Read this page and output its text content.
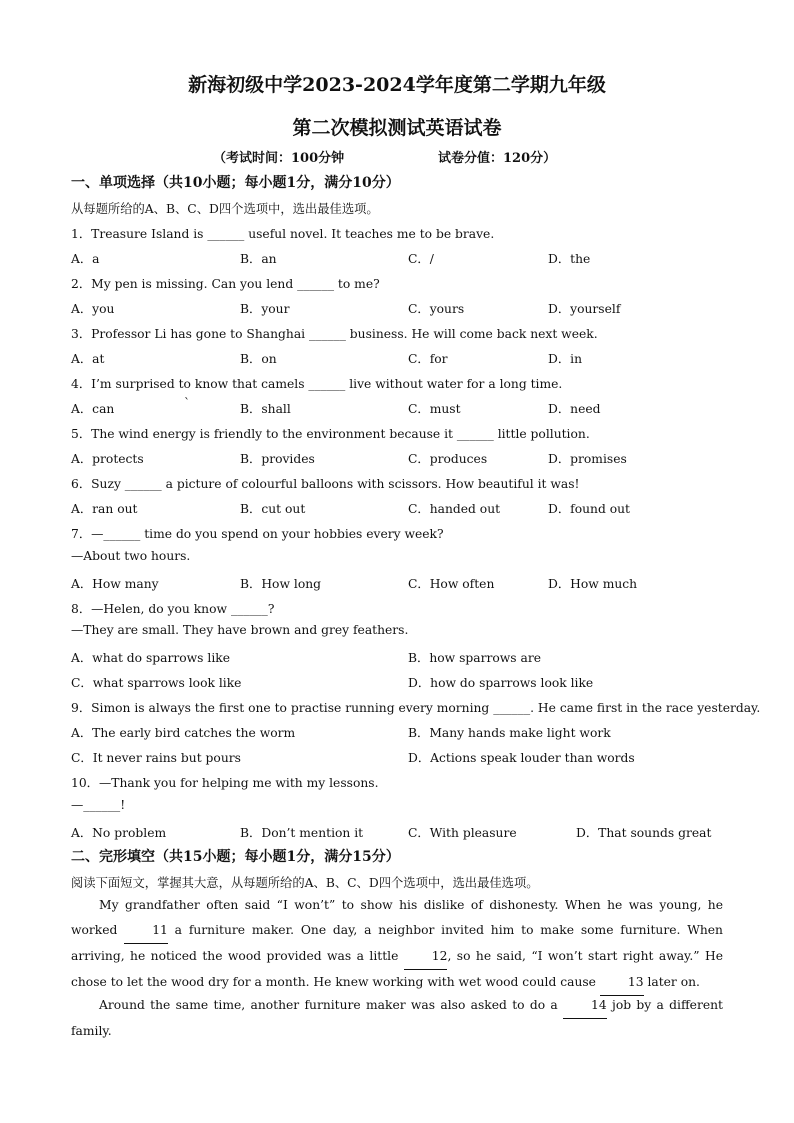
新海初级中学2023-2024学年度第二学期九年级
第二次模拟测试英语试卷
（考试时间：100分钟	试卷分值：120分）
一、单项选择（共10小题；每小题1分，满分10分）
从每题所给的A、B、C、D四个选项中，选出最佳选项。
1．Treasure Island is ______ useful novel. It teaches me to be brave.
A．a	B．an	C．/	D．the
2．My pen is missing. Can you lend ______ to me?
A．you	B．your	C．yours	D．yourself
3．Professor Li has gone to Shanghai ______ business. He will come back next week.
A．at	B．on	C．for	D．in
4．I’m surprised to know that camels ______ live without water for a long time.
A．can	`	B．shall	C．must	D．need
5．The wind energy is friendly to the environment because it ______ little pollution.
A．protects	B．provides	C．produces	D．promises
6．Suzy ______ a picture of colourful balloons with scissors. How beautiful it was!
A．ran out	B．cut out	C．handed out	D．found out
7．—______ time do you spend on your hobbies every week?
—About two hours.
A．How many	B．How long	C．How often	D．How much
8．—Helen, do you know ______?
—They are small. They have brown and grey feathers.
A．what do sparrows like	B．how sparrows are
C．what sparrows look like	D．how do sparrows look like
9．Simon is always the first one to practise running every morning ______. He came first in the race yesterday.
A．The early bird catches the worm	B．Many hands make light work
C．It never rains but pours	D．Actions speak louder than words
10．—Thank you for helping me with my lessons.
—______!
A．No problem	B．Don’t mention it	C．With pleasure	D．That sounds great
二、完形填空（共15小题；每小题1分，满分15分）
阅读下面短文，掌握其大意，从每题所给的A、B、C、D四个选项中，选出最佳选项。
My grandfather often said “I won’t” to show his dislike of dishonesty. When he was young, he worked 11 a furniture maker. One day, a neighbor invited him to make some furniture. When arriving, he noticed the wood provided was a little 12, so he said, “I won’t start right away.” He chose to let the wood dry for a month. He knew working with wet wood could cause 13 later on.
Around the same time, another furniture maker was also asked to do a 14 job by a different family.
